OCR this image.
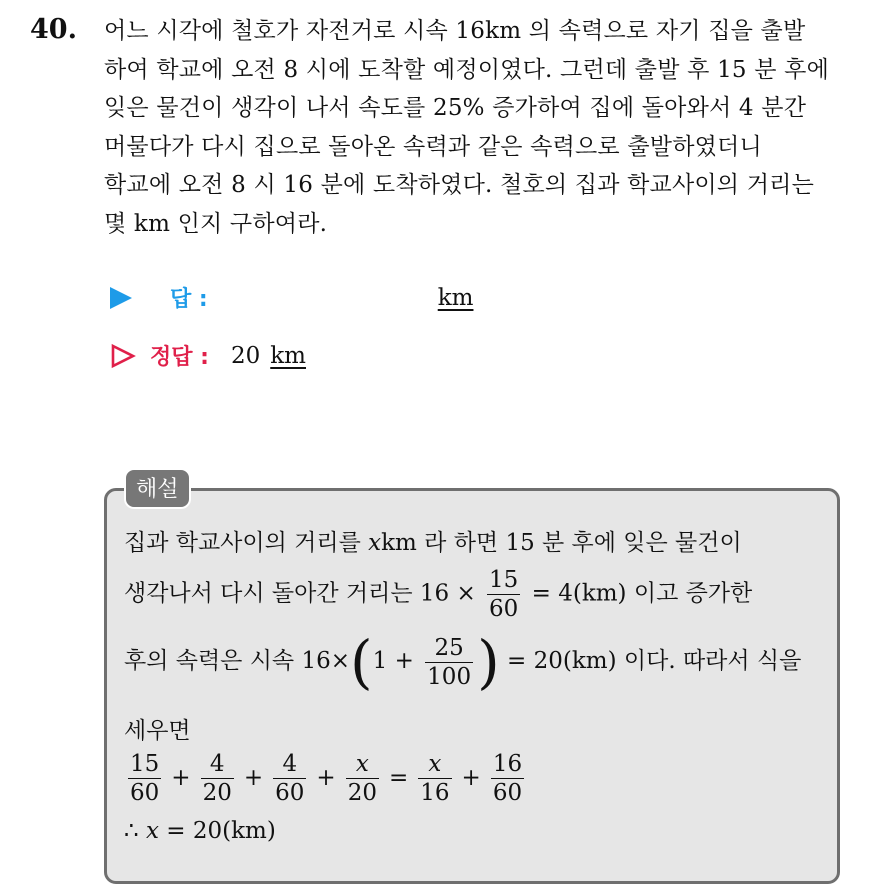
40. 어느 시각에 철호가 자전거로 시속 16km 의 속력으로 자기 집을 출발
하여 학교에 오전 8 시에 도착할 예정이였다. 그런데 출발 후 15 분 후에
잊은 물건이 생각이 나서 속도를 25% 증가하여 집에 돌아와서 4 분간
머물다가 다시 집으로 돌아온 속력과 같은 속력으로 출발하였더니
학교에 오전 8 시 16 분에 도착하였다. 철호의 집과 학교사이의 거리는
몇 km 인지 구하여라.
답 :	km
정답 : 20 km
해설
집과 학교사이의 거리를 xkm 라 하면 15 분 후에 잊은 물건이
생각나서 다시 돌아간 거리는 $16 \times \frac{15}{60} = 4(km)$ 이고 증가한
후의 속력은 시속 $16\times(1 + \frac{25}{100}$ ) = 20(km) 이다. 따라서 식을
세우면
$\frac{15}{60} + \frac{4}{20} + \frac{4}{60} + \frac{x}{20} = \frac{x}{16} + \frac{16}{60}$
∴ x = 20(km)
